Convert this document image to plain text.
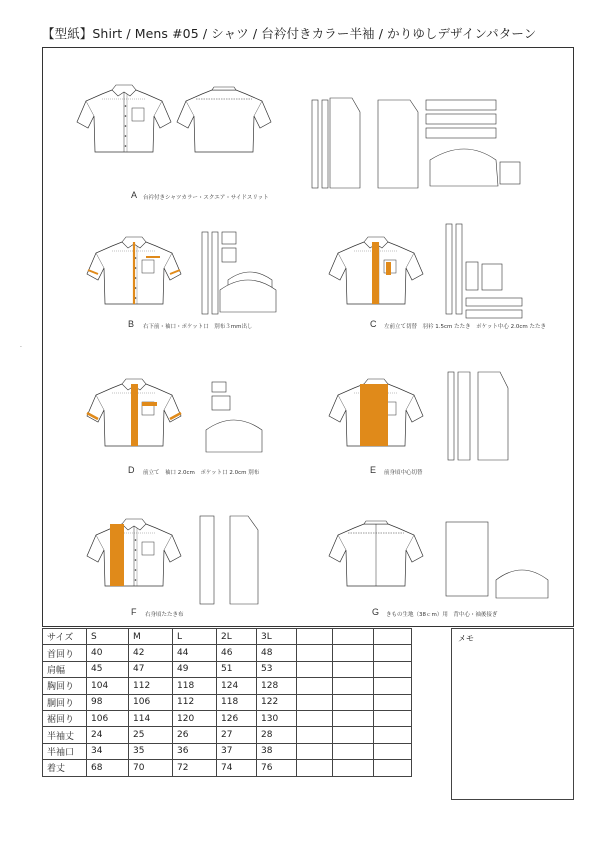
【型紙】Shirt / Mens #05 / シャツ / 台衿付きカラー半袖 / かりゆしデザインパターン
.
A 台衿付きシャツカラー・スクエア・サイドスリット
B 右下前・袖口・ポケット口　別布３mm出し	C 左前立て切替　羽衿 1.5cm たたき　ポケット中心 2.0cm たたき
D 前立て　袖口 2.0cm　ポケット口 2.0cm 別布	E 前身頃中心切替
F 右身頃たたき布	G きもの生地（38ｃm）用　背中心・袖後接ぎ
サイズ	S	M	L	2L	3L			
首回り	40	42	44	46	48			
肩幅	45	47	49	51	53			
胸回り	104	112	118	124	128			
胴回り	98	106	112	118	122			
裾回り	106	114	120	126	130			
半袖丈	24	25	26	27	28			
半袖口	34	35	36	37	38			
着丈	68	70	72	74	76			
メモ
